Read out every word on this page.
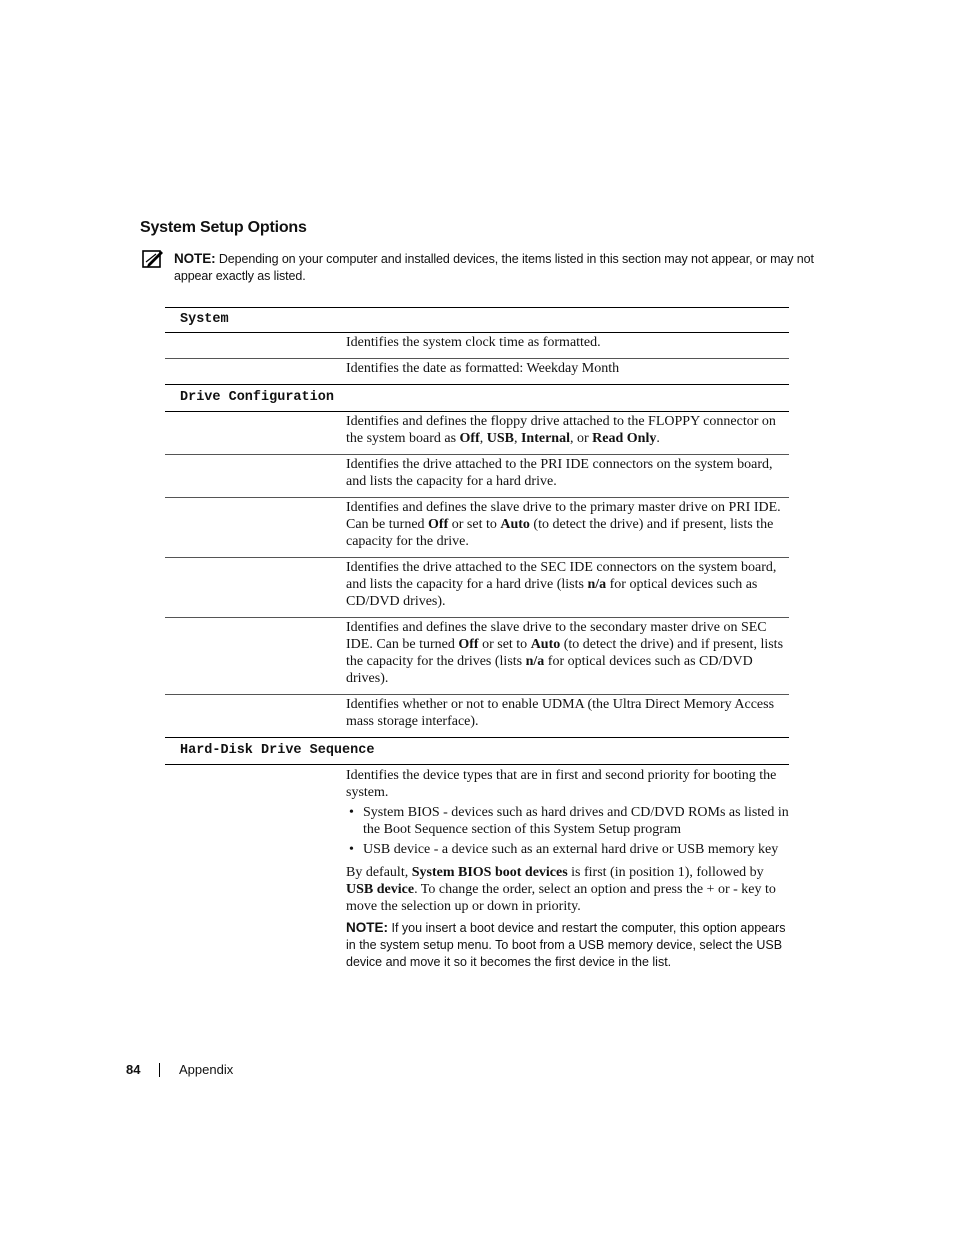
System Setup Options
NOTE: Depending on your computer and installed devices, the items listed in this section may not appear, or may not appear exactly as listed.
System
Identifies the system clock time as formatted.
Identifies the date as formatted: Weekday Month
Drive Configuration
Identifies and defines the floppy drive attached to the FLOPPY connector on the system board as Off, USB, Internal, or Read Only.
Identifies the drive attached to the PRI IDE connectors on the system board, and lists the capacity for a hard drive.
Identifies and defines the slave drive to the primary master drive on PRI IDE. Can be turned Off or set to Auto (to detect the drive) and if present, lists the capacity for the drive.
Identifies the drive attached to the SEC IDE connectors on the system board, and lists the capacity for a hard drive (lists n/a for optical devices such as CD/DVD drives).
Identifies and defines the slave drive to the secondary master drive on SEC IDE. Can be turned Off or set to Auto (to detect the drive) and if present, lists the capacity for the drives (lists n/a for optical devices such as CD/DVD drives).
Identifies whether or not to enable UDMA (the Ultra Direct Memory Access mass storage interface).
Hard-Disk Drive Sequence
Identifies the device types that are in first and second priority for booting the system.
• System BIOS - devices such as hard drives and CD/DVD ROMs as listed in the Boot Sequence section of this System Setup program
• USB device - a device such as an external hard drive or USB memory key
By default, System BIOS boot devices is first (in position 1), followed by USB device. To change the order, select an option and press the + or - key to move the selection up or down in priority.
NOTE: If you insert a boot device and restart the computer, this option appears in the system setup menu. To boot from a USB memory device, select the USB device and move it so it becomes the first device in the list.
84	Appendix
